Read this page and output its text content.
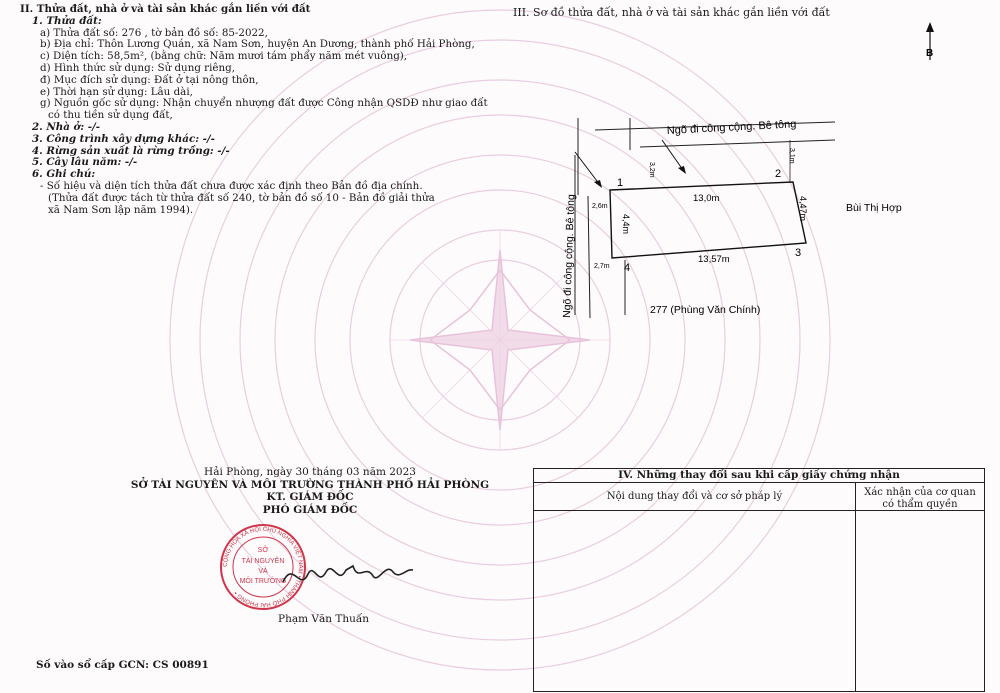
II. Thửa đất, nhà ở và tài sản khác gắn liền với đất
1. Thửa đất:
a) Thửa đất số: 276 , tờ bản đồ số: 85-2022,
b) Địa chỉ: Thôn Lương Quán, xã Nam Sơn, huyện An Dương, thành phố Hải Phòng,
c) Diện tích: 58,5m², (bằng chữ: Năm mươi tám phẩy năm mét vuông),
d) Hình thức sử dụng: Sử dụng riêng,
đ) Mục đích sử dụng: Đất ở tại nông thôn,
e) Thời hạn sử dụng: Lâu dài,
g) Nguồn gốc sử dụng: Nhận chuyển nhượng đất được Công nhận QSDĐ như giao đất
có thu tiền sử dụng đất,
2. Nhà ở: -/-
3. Công trình xây dựng khác: -/-
4. Rừng sản xuất là rừng trồng: -/-
5. Cây lâu năm: -/-
6. Ghi chú:
- Số hiệu và diện tích thửa đất chưa được xác định theo Bản đồ địa chính.
(Thửa đất được tách từ thửa đất số 240, tờ bản đồ số 10 - Bản đồ giải thửa
xã Nam Sơn lập năm 1994).
III. Sơ đồ thửa đất, nhà ở và tài sản khác gắn liền với đất
B
1
2
3
4
13,0m
13,57m
2,6m
2,7m
4,4m
4,47m
3,2m
3,1m
Ngõ đi công cộng. Bê tông
Ngõ đi công cộng. Bê tông	Bùi Thị Hợp
277 (Phùng Văn Chính)
Hải Phòng, ngày 30 tháng 03 năm 2023
SỞ TÀI NGUYÊN VÀ MÔI TRƯỜNG THÀNH PHỐ HẢI PHÒNG
KT. GIÁM ĐỐC
PHÓ GIÁM ĐỐC
CỘNG HÒA XÃ HỘI CHỦ NGHĨA VIỆT NAM • THÀNH PHỐ HẢI PHÒNG •
SỞ
TÀI NGUYÊN
VÀ
MÔI TRƯỜNG
Phạm Văn Thuấn
Số vào sổ cấp GCN: CS 00891
IV. Những thay đổi sau khi cấp giấy chứng nhận
Nội dung thay đổi và cơ sở pháp lý	Xác nhận của cơ quan
có thẩm quyền
